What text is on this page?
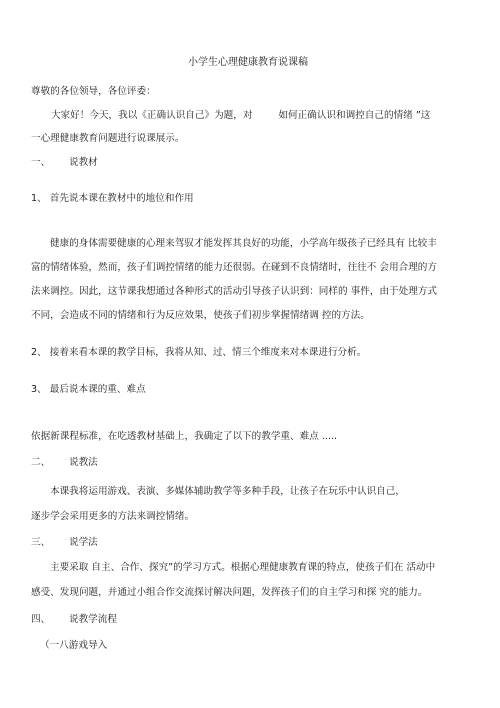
小学生心理健康教育说课稿
尊敬的各位领导，各位评委：
大家好！今天，我以《正确认识自己》为题，对	如何正确认识和调控自己的情绪 ”这
一心理健康教育问题进行说课展示。
一、 说教材
1、 首先说本课在教材中的地位和作用
健康的身体需要健康的心理来驾驭才能发挥其良好的功能，小学高年级孩子已经具有 比较丰
富的情绪体验，然而，孩子们调控情绪的能力还很弱。在碰到不良情绪时，往往不 会用合理的方
法来调控。因此，这节课我想通过各种形式的活动引导孩子认识到：同样的 事件，由于处理方式
不同，会造成不同的情绪和行为反应效果，使孩子们初步掌握情绪调 控的方法。
2、 接着来看本课的教学目标，我将从知、过、情三个维度来对本课进行分析。
3、 最后说本课的重、难点
依据新课程标准，在吃透教材基础上，我确定了以下的教学重、难点 .....
二、 说教法
本课我将运用游戏、表演、多媒体辅助教学等多种手段，让孩子在玩乐中认识自己，
逐步学会采用更多的方法来调控情绪。
三、 说学法
主要采取 自主、合作、探究”的学习方式。根据心理健康教育课的特点，使孩子们在 活动中
感受、发现问题，并通过小组合作交流探讨解决问题，发挥孩子们的自主学习和探 究的能力。
四、 说教学流程
（一八游戏导入
